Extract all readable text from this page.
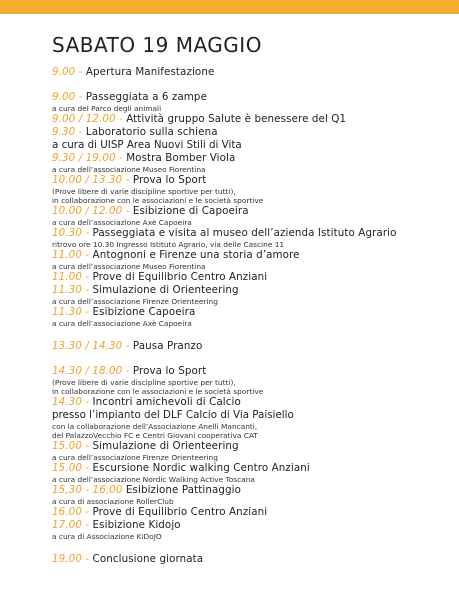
SABATO 19 MAGGIO
9.00 - Apertura Manifestazione
9.00 - Passeggiata a 6 zampe
a cura del Parco degli animali
9.00 / 12.00 - Attività gruppo Salute è benessere del Q1
9.30 - Laboratorio sulla schiena
a cura di UISP Area Nuovi Stili di Vita
9.30 / 19.00 - Mostra Bomber Viola
a cura dell’associazione Museo Fiorentina
10.00 / 13.30 - Prova lo Sport
(Prove libere di varie discipline sportive per tutti),
in collaborazione con le associazioni e le società sportive
10.00 / 12.00 - Esibizione di Capoeira
a cura dell’associazione Axè Capoeira
10.30 - Passeggiata e visita al museo dell’azienda Istituto Agrario
ritrovo ore 10.30 Ingresso Istituto Agrario, via delle Cascine 11
11.00 - Antognoni e Firenze una storia d’amore
a cura dell’associazione Museo Fiorentina
11.00 - Prove di Equilibrio Centro Anziani
11.30 - Simulazione di Orienteering
a cura dell’associazione Firenze Orienteering
11.30 - Esibizione Capoeira
a cura dell’associazione Axè Capoeira
13.30 / 14.30 - Pausa Pranzo
14.30 / 18.00 - Prova lo Sport
(Prove libere di varie discipline sportive per tutti),
in collaborazione con le associazioni e le società sportive
14.30 - Incontri amichevoli di Calcio
presso l’impianto del DLF Calcio di Via Paisiello
con la collaborazione dell’Associazione Anelli Mancanti,
del PalazzoVecchio FC e Centri Giovani cooperativa CAT
15.00 - Simulazione di Orienteering
a cura dell’associazione Firenze Orienteering
15.00 - Escursione Nordic walking Centro Anziani
a cura dell’associazione Nordic Walking Active Toscana
15,30 - 16,00 Esibizione Pattinaggio
a cura di associazione RollerClub
16.00 - Prove di Equilibrio Centro Anziani
17.00 - Esibizione Kidojo
a cura di Associazione KiDoJO
19.00 - Conclusione giornata
